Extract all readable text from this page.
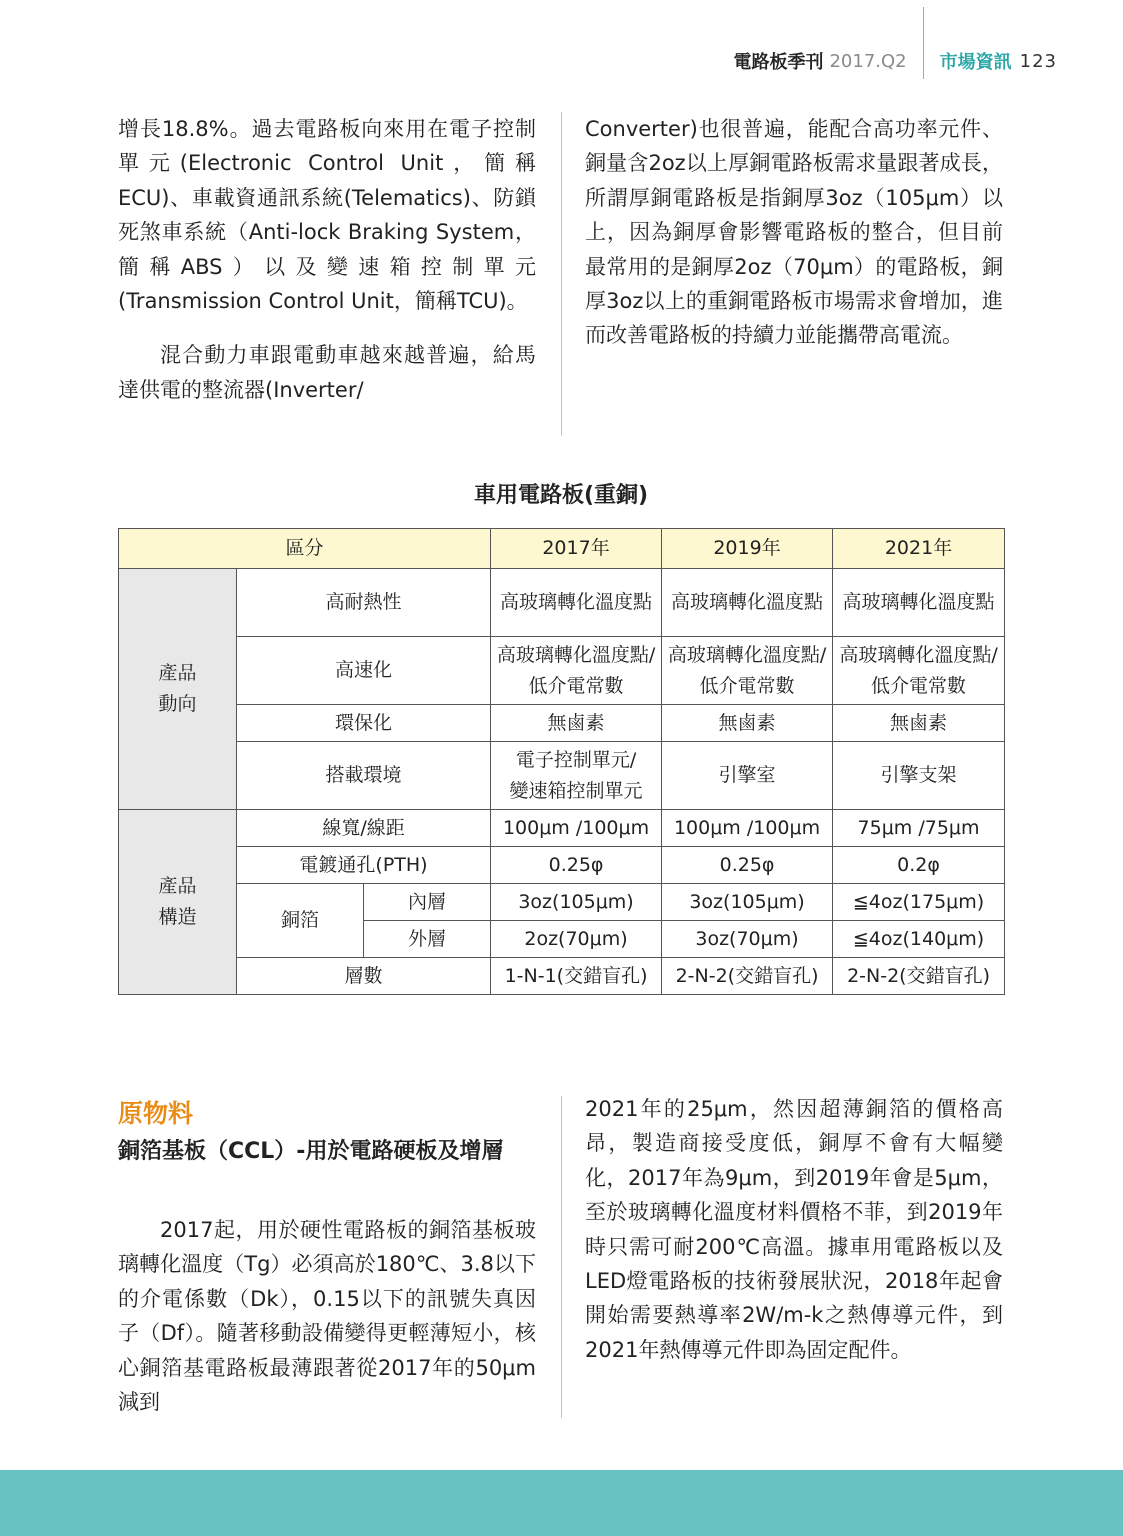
電路板季刊 2017.Q2 市場資訊 123

增長18.8%。過去電路板向來用在電子控制單元(Electronic Control Unit，簡稱ECU)、車載資通訊系統(Telematics)、防鎖死煞車系統（Anti-lock Braking System，簡稱ABS）以及變速箱控制單元(Transmission Control Unit，簡稱TCU)。

混合動力車跟電動車越來越普遍，給馬達供電的整流器(Inverter/

Converter)也很普遍，能配合高功率元件、銅量含2oz以上厚銅電路板需求量跟著成長，所謂厚銅電路板是指銅厚3oz（105μm）以上，因為銅厚會影響電路板的整合，但目前最常用的是銅厚2oz（70μm）的電路板，銅厚3oz以上的重銅電路板市場需求會增加，進而改善電路板的持續力並能攜帶高電流。

車用電路板(重銅)
區分			2017年	2019年	2021年
產品
動向	高耐熱性		高玻璃轉化溫度點	高玻璃轉化溫度點	高玻璃轉化溫度點
	高速化		高玻璃轉化溫度點/低介電常數	高玻璃轉化溫度點/低介電常數	高玻璃轉化溫度點/低介電常數
	環保化		無鹵素	無鹵素	無鹵素
	搭載環境		電子控制單元/
變速箱控制單元	引擎室	引擎支架
產品
構造	線寬/線距		100μm /100μm	100μm /100μm	75μm /75μm
	電鍍通孔(PTH)		0.25φ	0.25φ	0.2φ
	銅箔	內層	3oz(105μm)	3oz(105μm)	≦4oz(175μm)
		外層	2oz(70μm)	3oz(70μm)	≦4oz(140μm)
	層數		1-N-1(交錯盲孔)	2-N-2(交錯盲孔)	2-N-2(交錯盲孔)
原物料
銅箔基板（CCL）-用於電路硬板及增層

2017起，用於硬性電路板的銅箔基板玻璃轉化溫度（Tg）必須高於180℃、3.8以下的介電係數（Dk），0.15以下的訊號失真因子（Df）。隨著移動設備變得更輕薄短小，核心銅箔基電路板最薄跟著從2017年的50μm減到

2021年的25μm，然因超薄銅箔的價格高昂，製造商接受度低，銅厚不會有大幅變化，2017年為9μm，到2019年會是5μm，至於玻璃轉化溫度材料價格不菲，到2019年時只需可耐200℃高溫。據車用電路板以及LED燈電路板的技術發展狀況，2018年起會開始需要熱導率2W/m-k之熱傳導元件，到2021年熱傳導元件即為固定配件。
